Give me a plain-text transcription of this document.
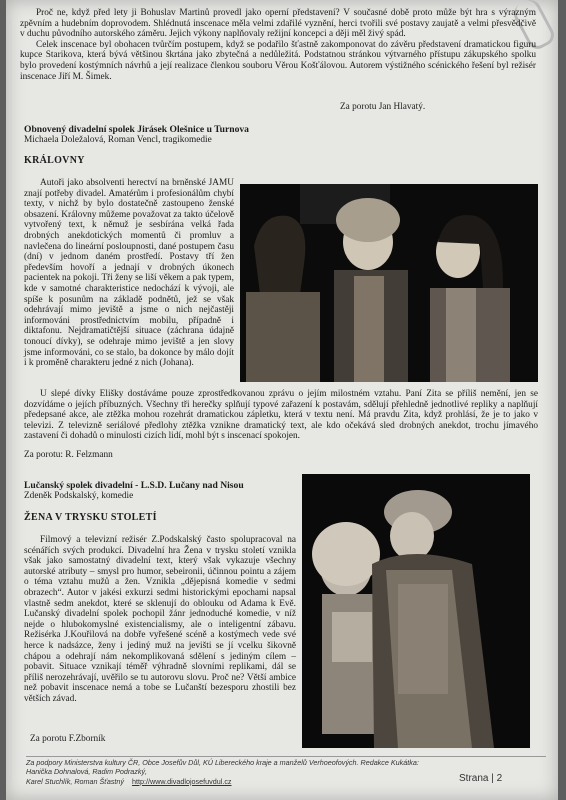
Proč ne, když před lety ji Bohuslav Martinů provedl jako operní představení? V současné době proto může být hra s výrazným zpěvním a hudebním doprovodem. Shlédnutá inscenace měla velmi zdařilé vyznění, herci tvořili své postavy zaujatě a velmi přesvědčivě v duchu původního autorského záměru. Jejich výkony naplňovaly režijní koncepci a ději měl živý spád.

Celek inscenace byl obohacen tvůrčím postupem, když se podařilo šťastně zakomponovat do závěru představení dramatickou figuru kupce Starikova, která bývá většinou škrtána jako zbytečná a nedůležitá. Podstatnou stránkou výtvarného přístupu zákupského spolku bylo provedení kostýmních návrhů a její realizace členkou souboru Věrou Košťálovou. Autorem výstižného scénického řešení byl režisér inscenace Jiří M. Šimek.

Za porotu Jan Hlavatý.
Obnovený divadelní spolek Jirásek Olešnice u Turnova
Michaela Doležalová, Roman Vencl, tragikomedie
KRÁLOVNY

Autoři jako absolventi herectví na brněnské JAMU znají potřeby divadel. Amatérům i profesionálům chybí texty, v nichž by bylo dostatečně zastoupeno ženské obsazení. Královny můžeme považovat za takto účelově vytvořený text, k němuž je sesbírána velká řada drobných anekdotických momentů či promluv a navlečena do lineární posloupnosti, dané postupem času (dní) v jednom daném prostředí. Postavy tří žen především hovoří a jednají v drobných úkonech pacientek na pokoji. Tři ženy se liší věkem a pak typem, kde v samotné charakteristice nedochází k vývoji, ale spíše k posunům na základě podnětů, jež se však odehrávají mimo jeviště a jsme o nich nejčastěji informováni prostřednictvím mobilu, případně i diktafonu. Nejdramatičtější situace (záchrana údajně tonoucí dívky), se odehraje mimo jeviště a jen slovy jsme informováni, co se stalo, ba dokonce by málo dojít i k proměně charakteru jedné z nich (Johana).

U slepé dívky Elišky dostáváme pouze zprostředkovanou zprávu o jejím milostném vztahu. Paní Zita se příliš nemění, jen se dozvídáme o jejích příbuzných. Všechny tři herečky splňují typové zařazení k postavám, sdělují přehledně jednotlivé repliky a naplňují předepsané akce, ale ztěžka mohou rozehrát dramatickou zápletku, která v textu není. Má pravdu Zita, když prohlásí, že je to jako v televizi. Z televizně seriálové předlohy ztěžka vznikne dramatický text, ale kdo očekává sled drobných anekdot, trochu jímavého zastavení či dohadů o minulosti cizích lidí, mohl být s inscenací spokojen.

Za porotu: R. Felzmann
Lučanský spolek divadelní - L.S.D. Lučany nad Nisou
Zdeněk Podskalský, komedie
ŽENA V TRYSKU STOLETÍ

Filmový a televizní režisér Z.Podskalský často spolupracoval na scénářích svých produkcí. Divadelní hra Žena v trysku století vznikla však jako samostatný divadelní text, který však vykazuje všechny autorské atributy – smysl pro humor, sebeironii, účinnou pointu a zájem o téma vztahu mužů a žen. Vznikla „dějepisná komedie v sedmi obrazech“. Autor v jakési exkurzi sedmi historickými epochami napsal vlastně sedm anekdot, které se sklenují do oblouku od Adama k Evě. Lučanský divadelní spolek pochopil žánr jednoduché komedie, v níž nejde o hlubokomyslné existencialismy, ale o inteligentní zábavu. Režisérka J.Kouřilová na dobře vyřešené scéně a kostýmech vede své herce k nadsázce, ženy i jediný muž na jevišti se jí vcelku šikovně chápou a odehrají nám nekomplikovaná sdělení s jediným cílem – pobavit. Situace vznikají téměř výhradně slovními replikami, dál se příliš nerozehrávají, uvěřilo se tu autorovu slovu. Proč ne? Větší ambice než pobavit inscenace nemá a tobe se Lučanští bezesporu zhostili bez větších závad.

Za porotu F.Zborník
Za podpory Ministerstva kultury ČR, Obce Josefův Důl, KÚ Libereckého kraje a manželů Verhoeofových. Redakce Kukátka: Hanička Dohnalová, Radim Podrazký,
Karel Stuchlík, Roman Šťastný http://www.divadlojosefuvdul.cz	Strana | 2
